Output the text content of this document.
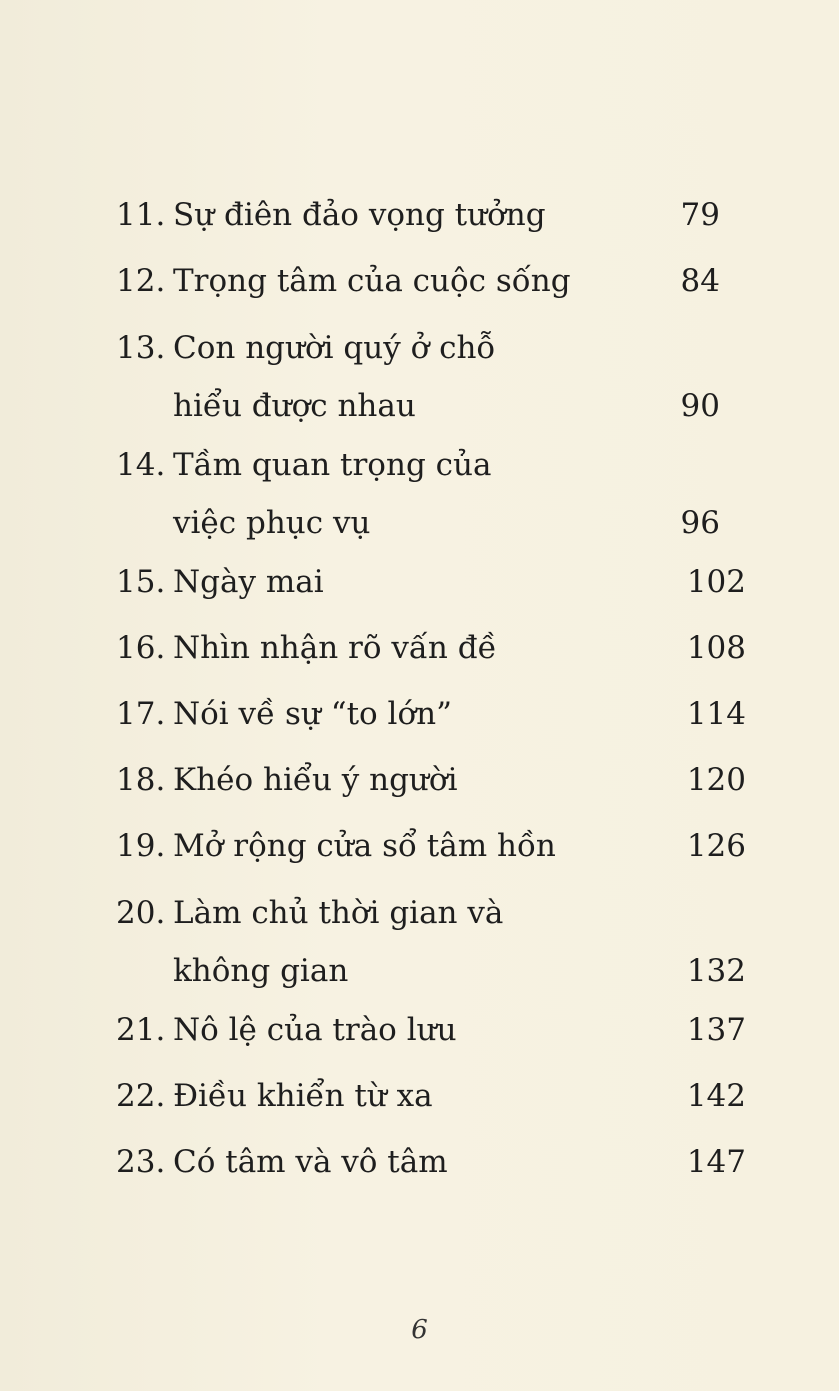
11. Sự điên đảo vọng tưởng	79
12. Trọng tâm của cuộc sống	84
13. Con người quý ở chỗ
hiểu được nhau	90
14. Tầm quan trọng của
việc phục vụ	96
15. Ngày mai	102
16. Nhìn nhận rõ vấn đề	108
17. Nói về sự “to lớn”	114
18. Khéo hiểu ý người	120
19. Mở rộng cửa sổ tâm hồn	126
20. Làm chủ thời gian và
không gian	132
21. Nô lệ của trào lưu	137
22. Điều khiển từ xa	142
23. Có tâm và vô tâm	147
6
